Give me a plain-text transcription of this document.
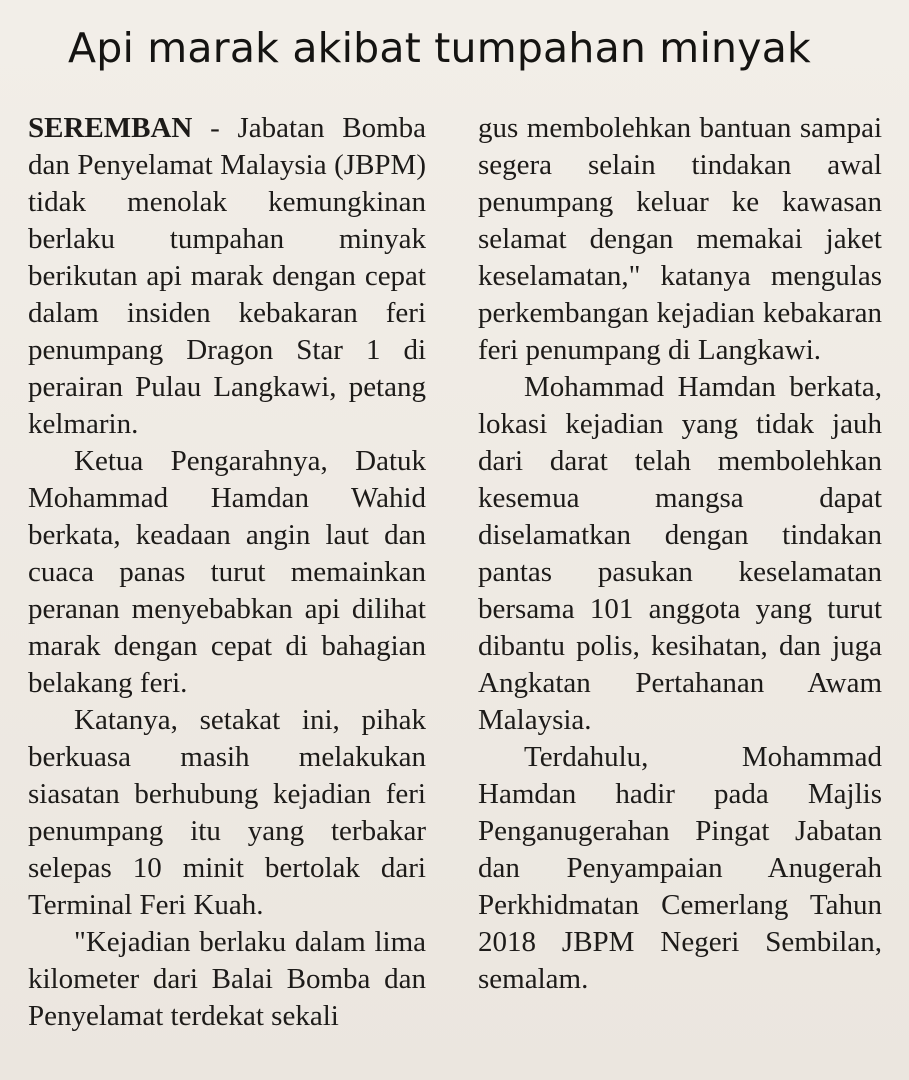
Api marak akibat tumpahan minyak

SEREMBAN - Jabatan Bomba dan Penyelamat Malaysia (JBPM) tidak menolak kemungkinan berlaku tumpahan minyak berikutan api marak dengan cepat dalam insiden kebakaran feri penumpang Dragon Star 1 di perairan Pulau Langkawi, petang kelmarin.

Ketua Pengarahnya, Datuk Mohammad Hamdan Wahid berkata, keadaan angin laut dan cuaca panas turut memainkan peranan menyebabkan api dilihat marak dengan cepat di bahagian belakang feri.

Katanya, setakat ini, pihak berkuasa masih melakukan siasatan berhubung kejadian feri penumpang itu yang terbakar selepas 10 minit bertolak dari Terminal Feri Kuah.

"Kejadian berlaku dalam lima kilometer dari Balai Bomba dan Penyelamat terdekat sekali

gus membolehkan bantuan sampai segera selain tindakan awal penumpang keluar ke kawasan selamat dengan memakai jaket keselamatan," katanya mengulas perkembangan kejadian kebakaran feri penumpang di Langkawi.

Mohammad Hamdan berkata, lokasi kejadian yang tidak jauh dari darat telah membolehkan kesemua mangsa dapat diselamatkan dengan tindakan pantas pasukan keselamatan bersama 101 anggota yang turut dibantu polis, kesihatan, dan juga Angkatan Pertahanan Awam Malaysia.

Terdahulu, Mohammad Hamdan hadir pada Majlis Penganugerahan Pingat Jabatan dan Penyampaian Anugerah Perkhidmatan Cemerlang Tahun 2018 JBPM Negeri Sembilan, semalam.
